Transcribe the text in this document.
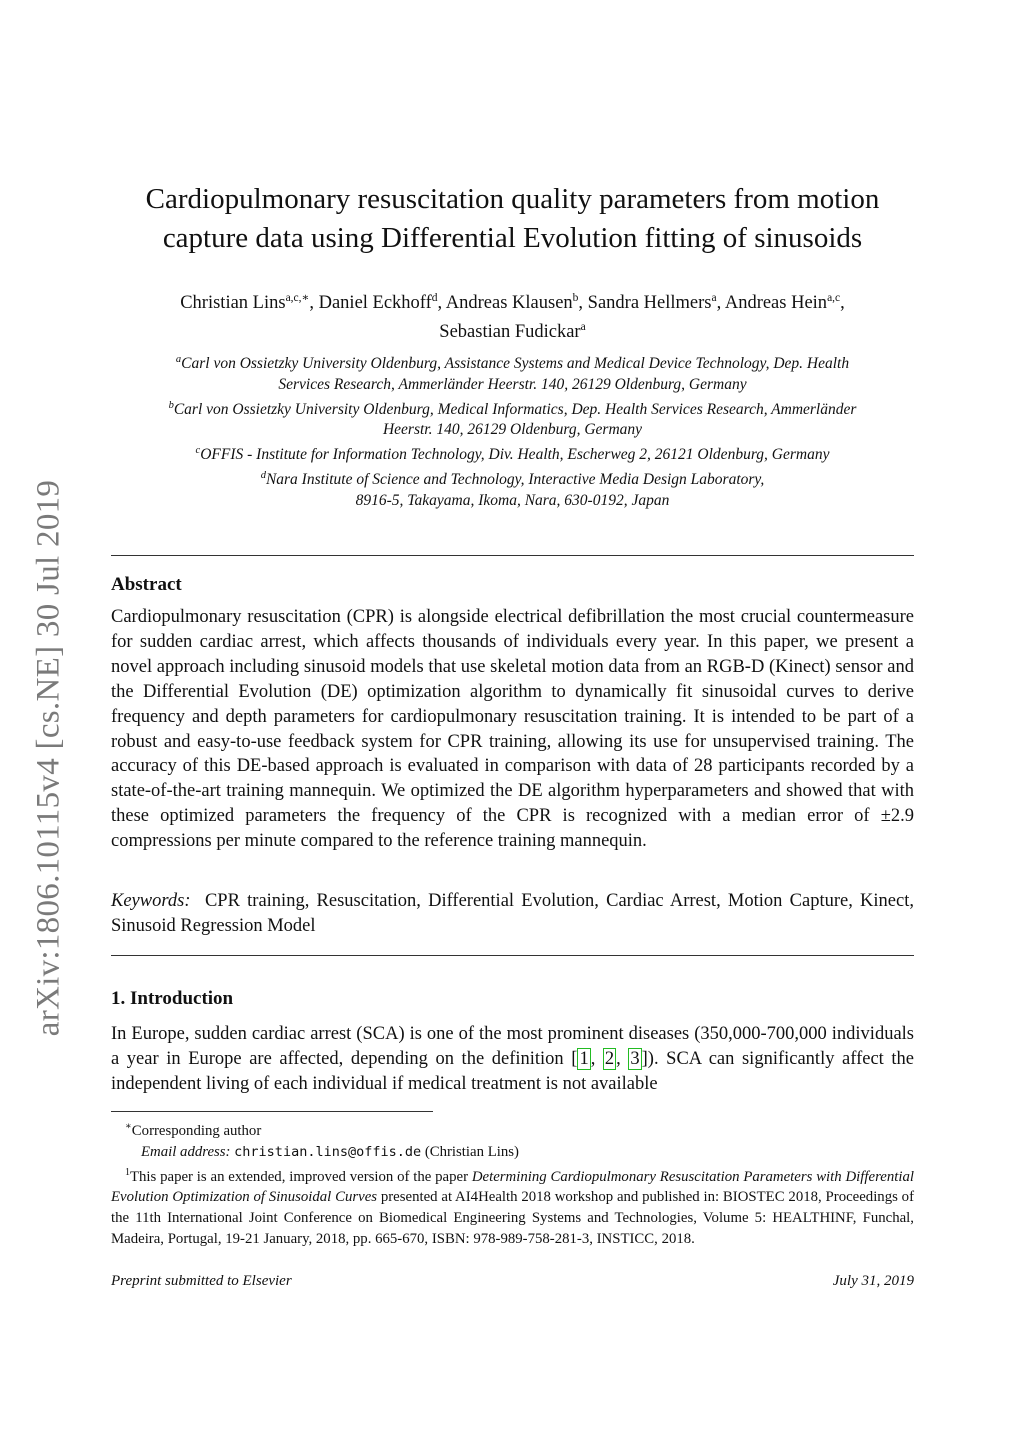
arXiv:1806.10115v4 [cs.NE] 30 Jul 2019
Cardiopulmonary resuscitation quality parameters from motion
capture data using Differential Evolution fitting of sinusoids
Christian Lins$^{a,c,∗}$, Daniel Eckhoff$^d$, Andreas Klausen$^b$, Sandra Hellmers$^a$, Andreas Hein$^{a,c}$,
Sebastian Fudickar$^a$
$^a$Carl von Ossietzky University Oldenburg, Assistance Systems and Medical Device Technology, Dep. Health
Services Research, Ammerländer Heerstr. 140, 26129 Oldenburg, Germany
$^b$Carl von Ossietzky University Oldenburg, Medical Informatics, Dep. Health Services Research, Ammerländer
Heerstr. 140, 26129 Oldenburg, Germany
$^c$OFFIS - Institute for Information Technology, Div. Health, Escherweg 2, 26121 Oldenburg, Germany
$^d$Nara Institute of Science and Technology, Interactive Media Design Laboratory,
8916-5, Takayama, Ikoma, Nara, 630-0192, Japan
Abstract
Cardiopulmonary resuscitation (CPR) is alongside electrical defibrillation the most crucial countermeasure for sudden cardiac arrest, which affects thousands of individuals every year. In this paper, we present a novel approach including sinusoid models that use skeletal motion data from an RGB-D (Kinect) sensor and the Differential Evolution (DE) optimization algorithm to dynamically fit sinusoidal curves to derive frequency and depth parameters for cardiopulmonary resuscitation training. It is intended to be part of a robust and easy-to-use feedback system for CPR training, allowing its use for unsupervised training. The accuracy of this DE-based approach is evaluated in comparison with data of 28 participants recorded by a state-of-the-art training mannequin. We optimized the DE algorithm hyperparameters and showed that with these optimized parameters the frequency of the CPR is recognized with a median error of ±2.9 compressions per minute compared to the reference training mannequin.
Keywords: CPR training, Resuscitation, Differential Evolution, Cardiac Arrest, Motion Capture, Kinect, Sinusoid Regression Model
1. Introduction
In Europe, sudden cardiac arrest (SCA) is one of the most prominent diseases (350,000-700,000 individuals a year in Europe are affected, depending on the definition [ 1 , 2 , 3 ]). SCA can significantly affect the independent living of each individual if medical treatment is not available
∗Corresponding author
Email address: christian.lins@offis.de (Christian Lins)
$^1$This paper is an extended, improved version of the paper Determining Cardiopulmonary Resuscitation Parameters with Differential Evolution Optimization of Sinusoidal Curves presented at AI4Health 2018 workshop and published in: BIOSTEC 2018, Proceedings of the 11th International Joint Conference on Biomedical Engineering Systems and Technologies, Volume 5: HEALTHINF, Funchal, Madeira, Portugal, 19-21 January, 2018, pp. 665-670, ISBN: 978-989-758-281-3, INSTICC, 2018.
Preprint submitted to Elsevier	July 31, 2019
